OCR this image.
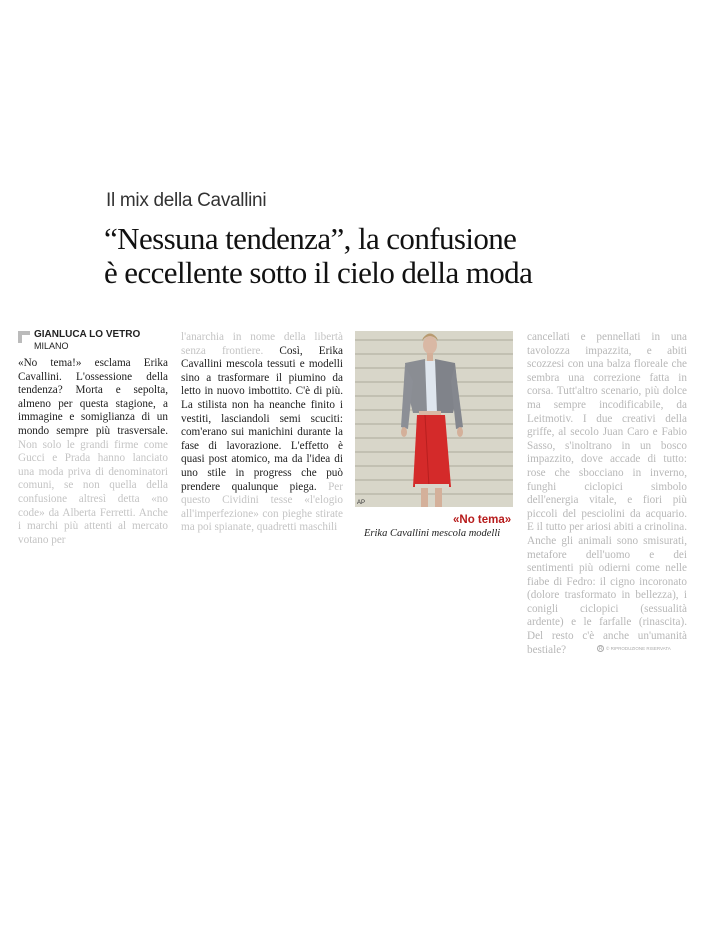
Il mix della Cavallini
“Nessuna tendenza”, la confusione
è eccellente sotto il cielo della moda
GIANLUCA LO VETRO
MILANO

«No tema!» esclama Erika Cavallini. L'ossessione della tendenza? Morta e sepolta, almeno per questa stagione, a immagine e somiglianza di un mondo sempre più trasversale. Non solo le grandi firme come Gucci e Prada hanno lanciato una moda priva di denominatori comuni, se non quella della confusione altresì detta «no code» da Alberta Ferretti. Anche i marchi più attenti al mercato votano per

l'anarchia in nome della libertà senza frontiere. Così, Erika Cavallini mescola tessuti e modelli sino a trasformare il piumino da letto in nuovo imbottito. C'è di più. La stilista non ha neanche finito i vestiti, lasciandoli semi scuciti: com'erano sui manichini durante la fase di lavorazione. L'effetto è quasi post atomico, ma da l'idea di uno stile in progress che può prendere qualunque piega. Per questo Cividini tesse «l'elogio all'imperfezione» con pieghe stirate ma poi spianate, quadretti maschili

AP
«No tema»
Erika Cavallini mescola modelli

cancellati e pennellati in una tavolozza impazzita, e abiti scozzesi con una balza floreale che sembra una correzione fatta in corsa. Tutt'altro scenario, più dolce ma sempre incodificabile, da Leitmotiv. I due creativi della griffe, al secolo Juan Caro e Fabio Sasso, s'inoltrano in un bosco impazzito, dove accade di tutto: rose che sbocciano in inverno, funghi ciclopici simbolo dell'energia vitale, e fiori più piccoli del pesciolini da acquario. E il tutto per ariosi abiti a crinolina. Anche gli animali sono smisurati, metafore dell'uomo e dei sentimenti più odierni come nelle fiabe di Fedro: il cigno incoronato (dolore trasformato in bellezza), i conigli ciclopici (sessualità ardente) e le farfalle (rinascita). Del resto c'è anche un'umanità bestiale?	R © RIPRODUZIONE RISERVATA
